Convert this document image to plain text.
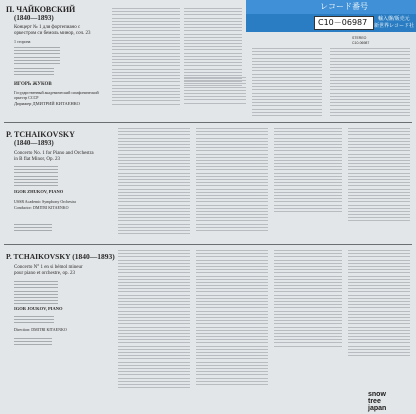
レコード番号
輸入盤/販売元
新世界レコード社
C10－06987
П. ЧАЙКОВСКИЙ
(1840—1893)
Концерт № 1 для фортепиано с
оркестром си бемоль минор, соч. 23
1 сторона
ИГОРЬ ЖУКОВ
Государственный академический симфонический
оркестр СССР
Дирижер ДМИТРИЙ КИТАЕНКО
STEREO
C10-06987
P. TCHAIKOVSKY
(1840—1893)
Concerto No. 1 for Piano and Orchestra
in B flat Minor, Op. 23
IGOR ZHUKOV, PIANO
USSR Academic Symphony Orchestra
Conductor: DMITRI KITAENKO
P. TCHAIKOVSKY (1840—1893)
Concerto N° 1 en si bémol mineur
pour piano et orchestre, op. 23
IGOR JOUKOV, PIANO
Direction: DMITRI KITAENKO
snow
tree
japan
